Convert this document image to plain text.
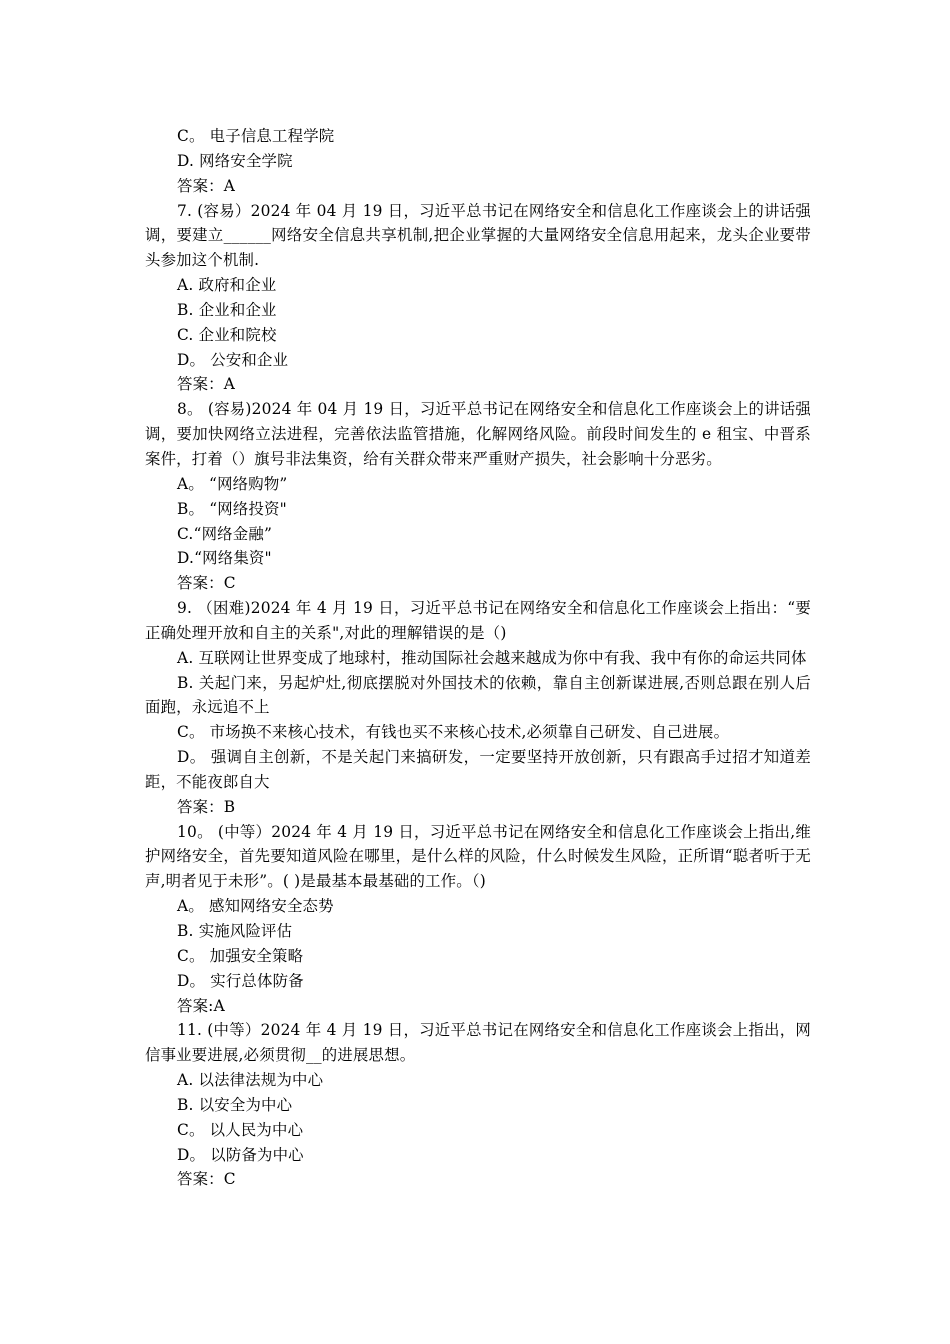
C。 电子信息工程学院

D. 网络安全学院

答案：A

7. (容易）2024 年 04 月 19 日，习近平总书记在网络安全和信息化工作座谈会上的讲话强调，要建立______网络安全信息共享机制,把企业掌握的大量网络安全信息用起来，龙头企业要带头参加这个机制.

A. 政府和企业

B. 企业和企业

C. 企业和院校

D。 公安和企业

答案：A

8。 (容易)2024 年 04 月 19 日，习近平总书记在网络安全和信息化工作座谈会上的讲话强调，要加快网络立法进程，完善依法监管措施，化解网络风险。前段时间发生的 e 租宝、中晋系案件，打着（）旗号非法集资，给有关群众带来严重财产损失，社会影响十分恶劣。

A。 “网络购物”

B。 “网络投资"

C.“网络金融”

D.“网络集资"

答案：C

9. （困难)2024 年 4 月 19 日，习近平总书记在网络安全和信息化工作座谈会上指出：“要正确处理开放和自主的关系",对此的理解错误的是（)

A. 互联网让世界变成了地球村，推动国际社会越来越成为你中有我、我中有你的命运共同体

B. 关起门来，另起炉灶,彻底摆脱对外国技术的依赖，靠自主创新谋进展,否则总跟在别人后面跑，永远追不上

C。 市场换不来核心技术，有钱也买不来核心技术,必须靠自己研发、自己进展。

D。 强调自主创新，不是关起门来搞研发，一定要坚持开放创新，只有跟高手过招才知道差距，不能夜郎自大

答案：B

10。 (中等）2024 年 4 月 19 日，习近平总书记在网络安全和信息化工作座谈会上指出,维护网络安全，首先要知道风险在哪里，是什么样的风险，什么时候发生风险，正所谓“聪者听于无声,明者见于未形”。( )是最基本最基础的工作。（)

A。 感知网络安全态势

B. 实施风险评估

C。 加强安全策略

D。 实行总体防备

答案:A

11. (中等）2024 年 4 月 19 日，习近平总书记在网络安全和信息化工作座谈会上指出，网信事业要进展,必须贯彻__的进展思想。

A. 以法律法规为中心

B. 以安全为中心

C。 以人民为中心

D。 以防备为中心

答案：C
